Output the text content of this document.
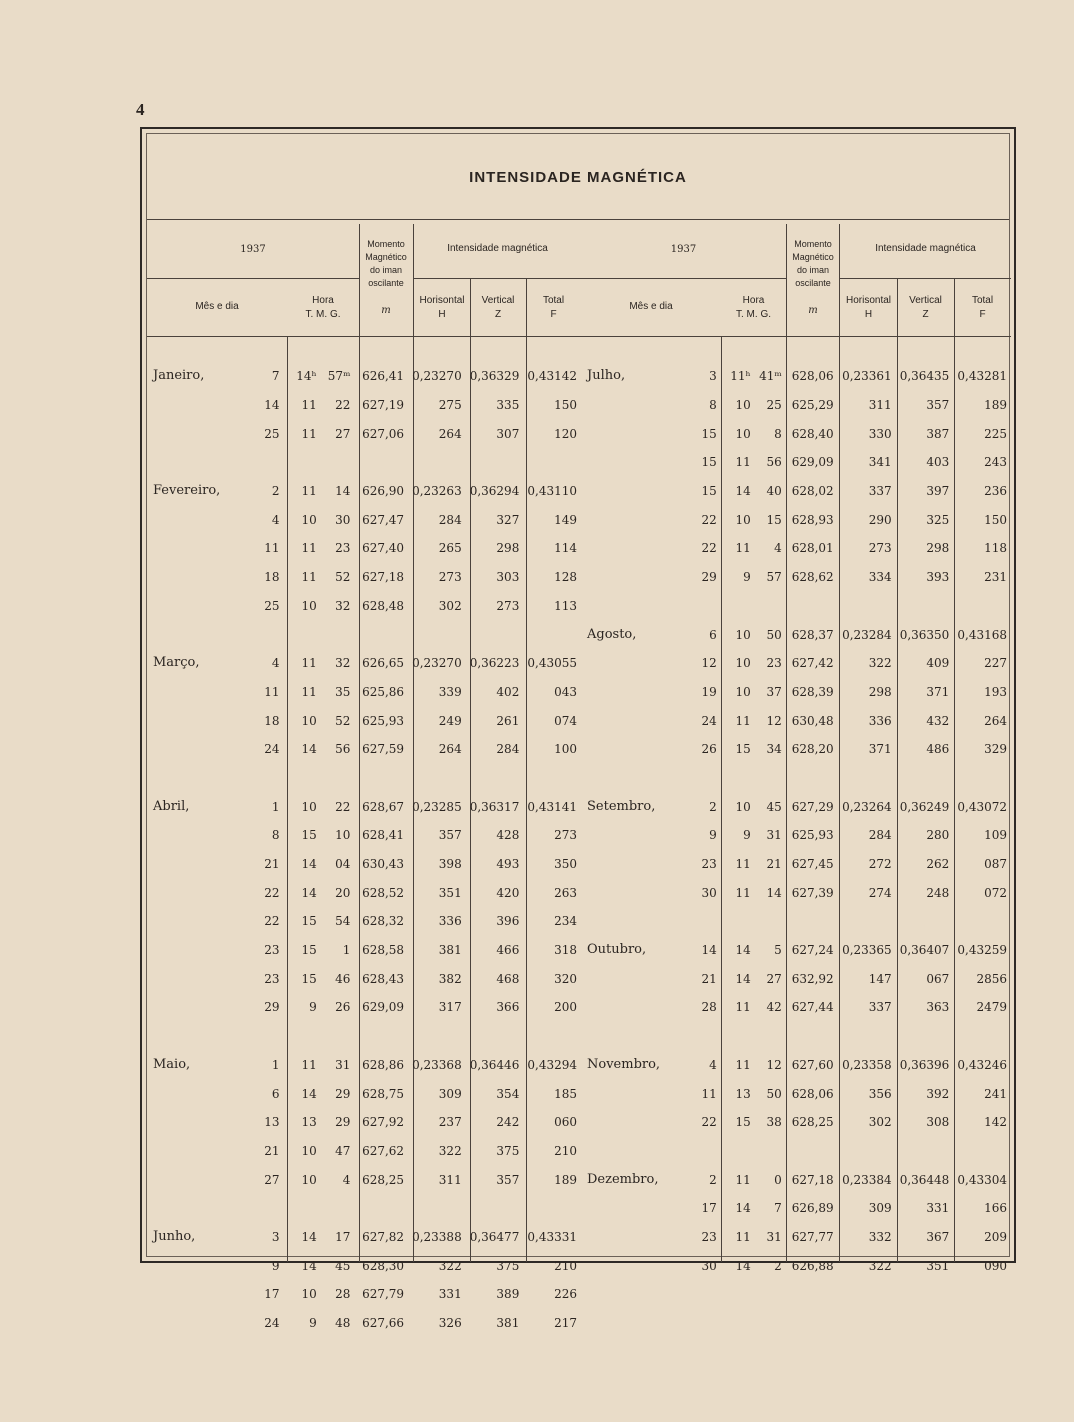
4
INTENSIDADE MAGNÉTICA
1937
Mês e dia
Hora
T. M. G.
Momento Magnético do iman oscilante
m
Intensidade magnética
Horisontal
H
Vertical
Z
Total
F
Janeiro,	7	14ʰ	57ᵐ	626,41	0,23270	0,36329	0,43142
	14	11	22	627,19	275	335	150
	25	11	27	627,06	264	307	120

Fevereiro,	2	11	14	626,90	0,23263	0,36294	0,43110
	4	10	30	627,47	284	327	149
	11	11	23	627,40	265	298	114
	18	11	52	627,18	273	303	128
	25	10	32	628,48	302	273	113

Março,	4	11	32	626,65	0,23270	0,36223	0,43055
	11	11	35	625,86	339	402	043
	18	10	52	625,93	249	261	074
	24	14	56	627,59	264	284	100

Abril,	1	10	22	628,67	0,23285	0,36317	0,43141
	8	15	10	628,41	357	428	273
	21	14	04	630,43	398	493	350
	22	14	20	628,52	351	420	263
	22	15	54	628,32	336	396	234
	23	15	1	628,58	381	466	318
	23	15	46	628,43	382	468	320
	29	9	26	629,09	317	366	200

Maio,	1	11	31	628,86	0,23368	0,36446	0,43294
	6	14	29	628,75	309	354	185
	13	13	29	627,92	237	242	060
	21	10	47	627,62	322	375	210
	27	10	4	628,25	311	357	189

Junho,	3	14	17	627,82	0,23388	0,36477	0,43331
	9	14	45	628,30	322	375	210
	17	10	28	627,79	331	389	226
	24	9	48	627,66	326	381	217
1937
Mês e dia
Hora
T. M. G.
Momento Magnético do iman oscilante
m
Intensidade magnética
Horisontal
H
Vertical
Z
Total
F
Julho,	3	11ʰ	41ᵐ	628,06	0,23361	0,36435	0,43281
	8	10	25	625,29	311	357	189
	15	10	8	628,40	330	387	225
	15	11	56	629,09	341	403	243
	15	14	40	628,02	337	397	236
	22	10	15	628,93	290	325	150
	22	11	4	628,01	273	298	118
	29	9	57	628,62	334	393	231

Agosto,	6	10	50	628,37	0,23284	0,36350	0,43168
	12	10	23	627,42	322	409	227
	19	10	37	628,39	298	371	193
	24	11	12	630,48	336	432	264
	26	15	34	628,20	371	486	329

Setembro,	2	10	45	627,29	0,23264	0,36249	0,43072
	9	9	31	625,93	284	280	109
	23	11	21	627,45	272	262	087
	30	11	14	627,39	274	248	072

Outubro,	14	14	5	627,24	0,23365	0,36407	0,43259
	21	14	27	632,92	147	067	2856
	28	11	42	627,44	337	363	2479

Novembro,	4	11	12	627,60	0,23358	0,36396	0,43246
	11	13	50	628,06	356	392	241
	22	15	38	628,25	302	308	142

Dezembro,	2	11	0	627,18	0,23384	0,36448	0,43304
	17	14	7	626,89	309	331	166
	23	11	31	627,77	332	367	209
	30	14	2	626,88	322	351	090
